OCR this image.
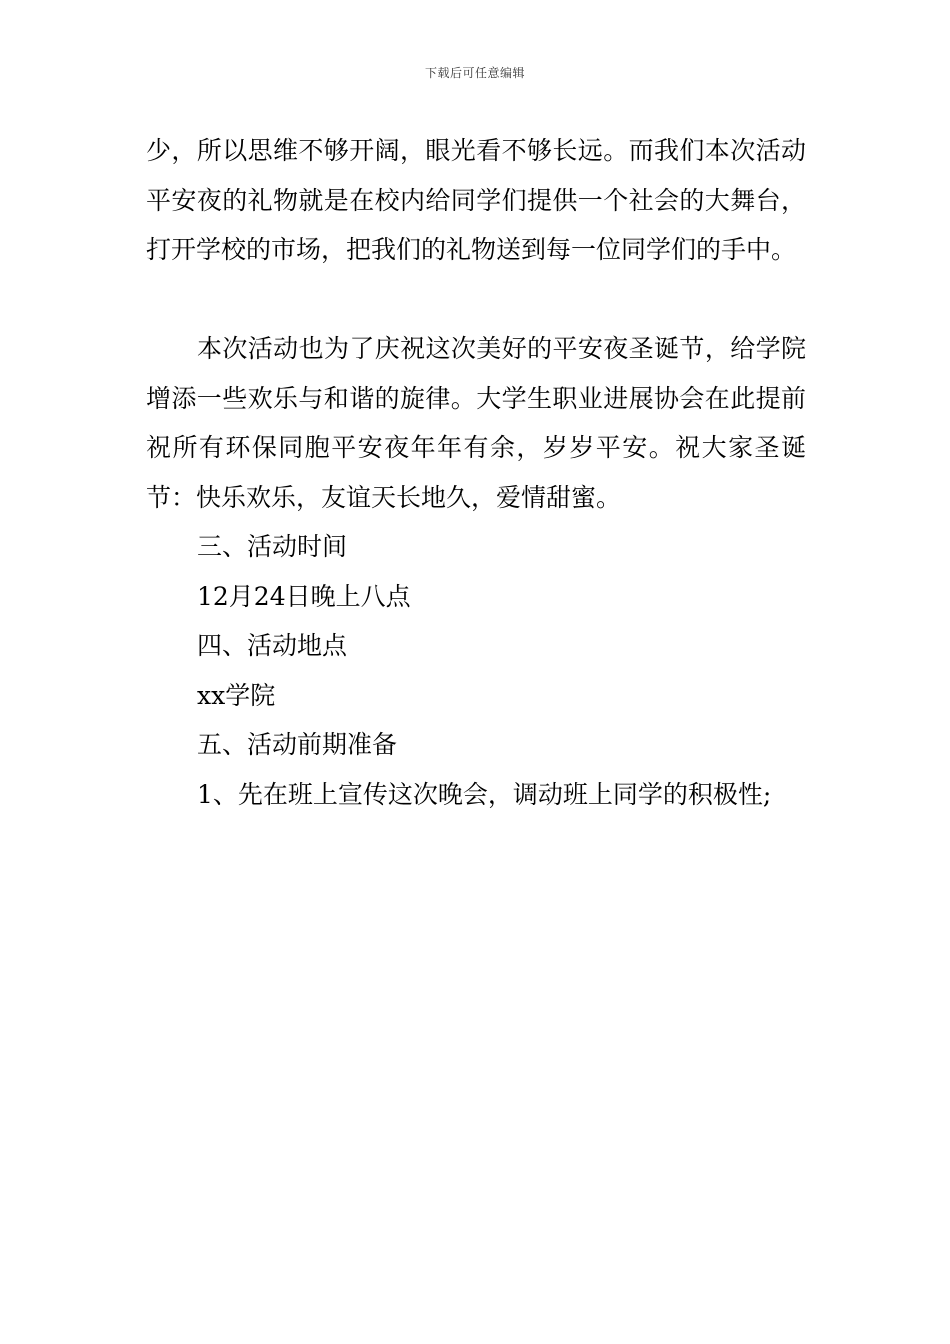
下载后可任意编辑

少，所以思维不够开阔，眼光看不够长远。而我们本次活动平安夜的礼物就是在校内给同学们提供一个社会的大舞台，打开学校的市场，把我们的礼物送到每一位同学们的手中。

本次活动也为了庆祝这次美好的平安夜圣诞节，给学院增添一些欢乐与和谐的旋律。大学生职业进展协会在此提前祝所有环保同胞平安夜年年有余，岁岁平安。祝大家圣诞节：快乐欢乐，友谊天长地久，爱情甜蜜。

三、活动时间

12月24日晚上八点

四、活动地点

xx学院

五、活动前期准备

1、先在班上宣传这次晚会，调动班上同学的积极性;
